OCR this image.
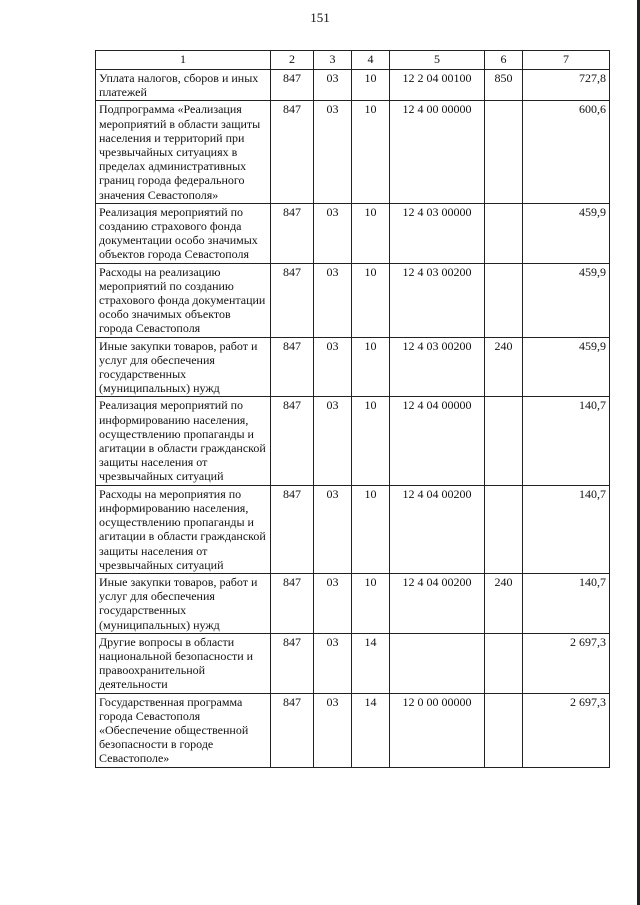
151
1	2	3	4	5	6	7
Уплата налогов, сборов и иных платежей	847	03	10	12 2 04 00100	850	727,8
Подпрограмма «Реализация мероприятий в области защиты населения и территорий при чрезвычайных ситуациях в пределах административных границ города федерального значения Севастополя»	847	03	10	12 4 00 00000		600,6
Реализация мероприятий по созданию страхового фонда документации особо значимых объектов города Севастополя	847	03	10	12 4 03 00000		459,9
Расходы на реализацию мероприятий по созданию страхового фонда документации особо значимых объектов города Севастополя	847	03	10	12 4 03 00200		459,9
Иные закупки товаров, работ и услуг для обеспечения государственных (муниципальных) нужд	847	03	10	12 4 03 00200	240	459,9
Реализация мероприятий по информированию населения, осуществлению пропаганды и агитации в области гражданской защиты населения от чрезвычайных ситуаций	847	03	10	12 4 04 00000		140,7
Расходы на мероприятия по информированию населения, осуществлению пропаганды и агитации в области гражданской защиты населения от чрезвычайных ситуаций	847	03	10	12 4 04 00200		140,7
Иные закупки товаров, работ и услуг для обеспечения государственных (муниципальных) нужд	847	03	10	12 4 04 00200	240	140,7
Другие вопросы в области национальной безопасности и правоохранительной деятельности	847	03	14			2 697,3
Государственная программа города Севастополя «Обеспечение общественной безопасности в городе Севастополе»	847	03	14	12 0 00 00000		2 697,3
